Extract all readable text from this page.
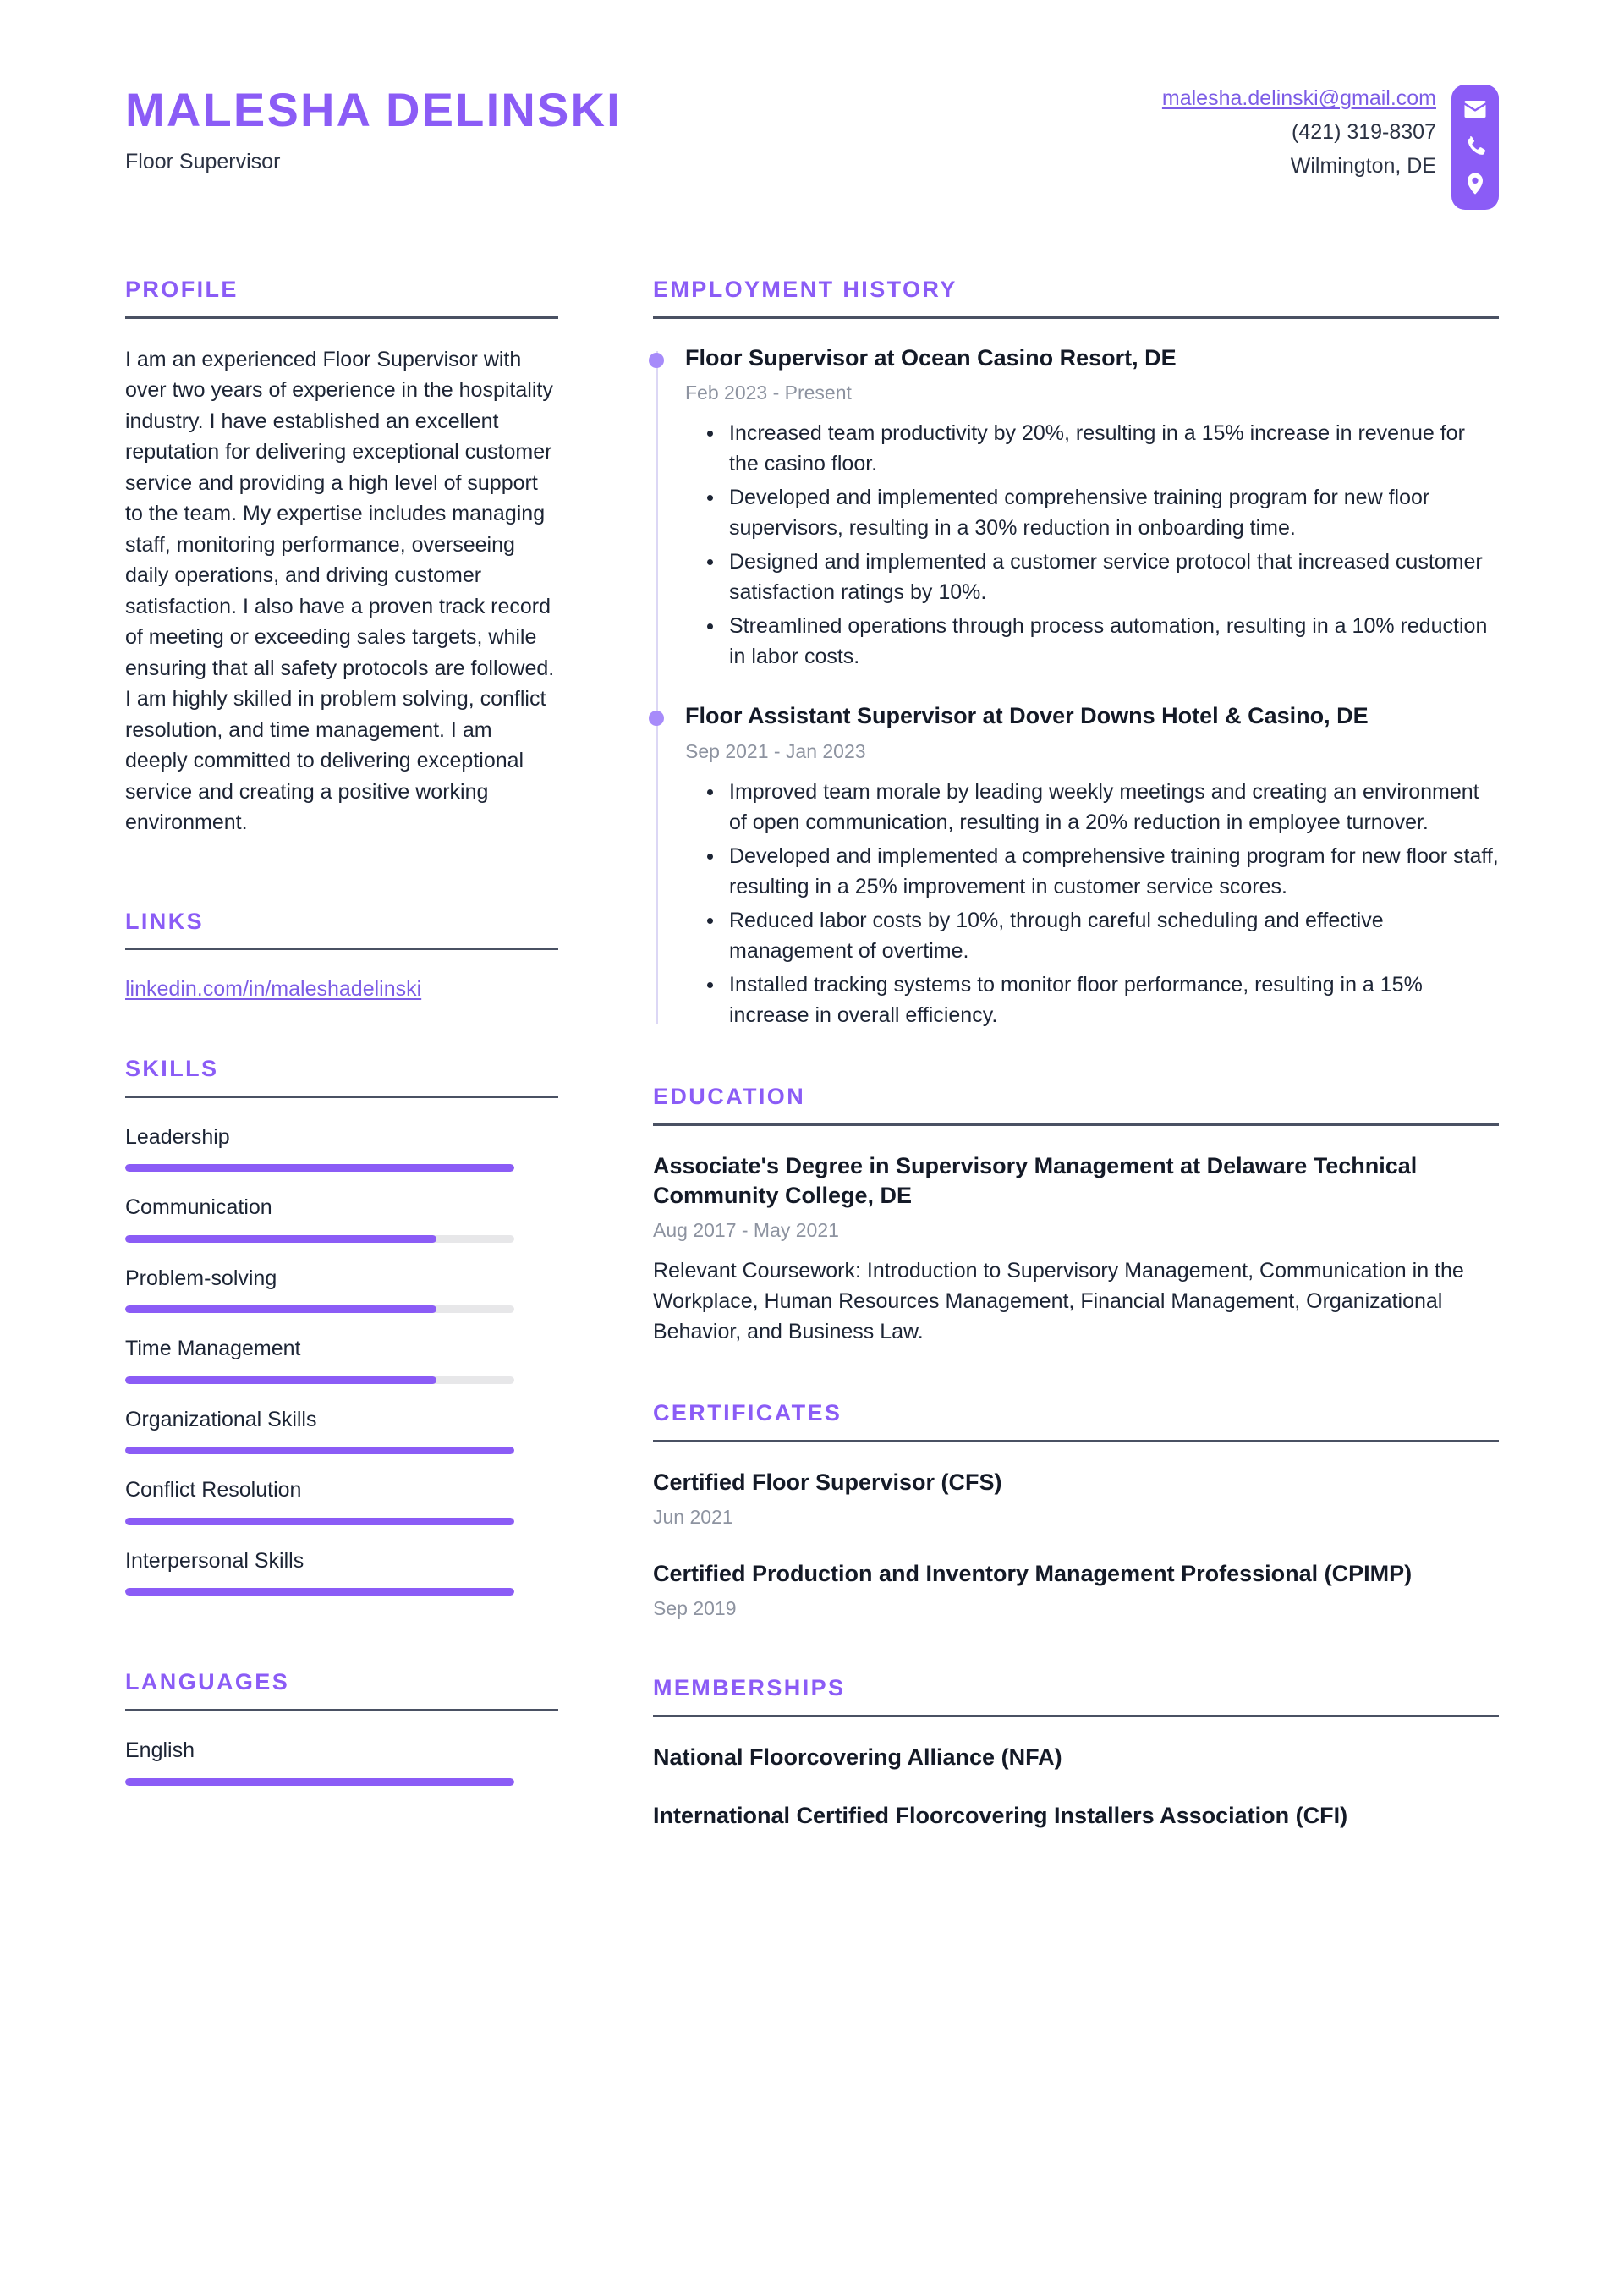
MALESHA DELINSKI
Floor Supervisor
malesha.delinski@gmail.com
(421) 319-8307
Wilmington, DE
PROFILE
I am an experienced Floor Supervisor with over two years of experience in the hospitality industry. I have established an excellent reputation for delivering exceptional customer service and providing a high level of support to the team. My expertise includes managing staff, monitoring performance, overseeing daily operations, and driving customer satisfaction. I also have a proven track record of meeting or exceeding sales targets, while ensuring that all safety protocols are followed. I am highly skilled in problem solving, conflict resolution, and time management. I am deeply committed to delivering exceptional service and creating a positive working environment.
LINKS
linkedin.com/in/maleshadelinski
SKILLS
Leadership
Communication
Problem-solving
Time Management
Organizational Skills
Conflict Resolution
Interpersonal Skills
LANGUAGES
English
EMPLOYMENT HISTORY
Floor Supervisor at Ocean Casino Resort, DE
Feb 2023 - Present
Increased team productivity by 20%, resulting in a 15% increase in revenue for the casino floor.
Developed and implemented comprehensive training program for new floor supervisors, resulting in a 30% reduction in onboarding time.
Designed and implemented a customer service protocol that increased customer satisfaction ratings by 10%.
Streamlined operations through process automation, resulting in a 10% reduction in labor costs.
Floor Assistant Supervisor at Dover Downs Hotel & Casino, DE
Sep 2021 - Jan 2023
Improved team morale by leading weekly meetings and creating an environment of open communication, resulting in a 20% reduction in employee turnover.
Developed and implemented a comprehensive training program for new floor staff, resulting in a 25% improvement in customer service scores.
Reduced labor costs by 10%, through careful scheduling and effective management of overtime.
Installed tracking systems to monitor floor performance, resulting in a 15% increase in overall efficiency.
EDUCATION
Associate's Degree in Supervisory Management at Delaware Technical Community College, DE
Aug 2017 - May 2021
Relevant Coursework: Introduction to Supervisory Management, Communication in the Workplace, Human Resources Management, Financial Management, Organizational Behavior, and Business Law.
CERTIFICATES
Certified Floor Supervisor (CFS)
Jun 2021
Certified Production and Inventory Management Professional (CPIMP)
Sep 2019
MEMBERSHIPS
National Floorcovering Alliance (NFA)
International Certified Floorcovering Installers Association (CFI)
